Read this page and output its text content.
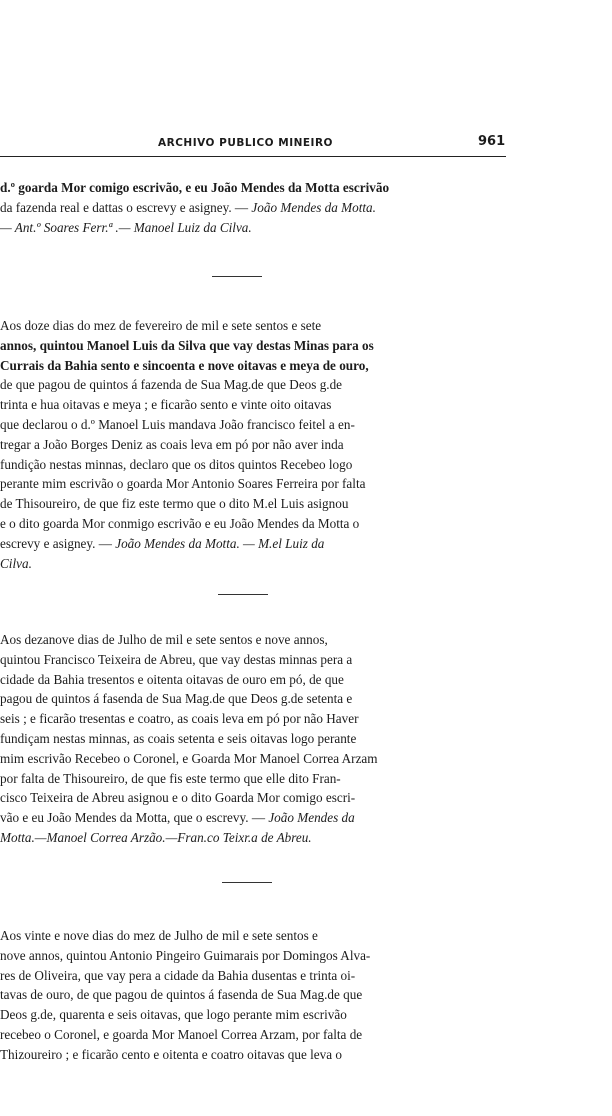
ARCHIVO PUBLICO MINEIRO	961
d.º goarda Mor comigo escrivão, e eu João Mendes da Motta escrivão
da fazenda real e dattas o escrevy e asigney. — João Mendes da Motta.
— Ant.º Soares Ferr.ª .— Manoel Luiz da Cilva.
Aos doze dias do mez de fevereiro de mil e sete sentos e sete
annos, quintou Manoel Luis da Silva que vay destas Minas para os
Currais da Bahia sento e sincoenta e nove oitavas e meya de ouro,
de que pagou de quintos á fazenda de Sua Mag.de que Deos g.de
trinta e hua oitavas e meya ; e ficarão sento e vinte oito oitavas
que declarou o d.º Manoel Luis mandava João francisco feitel a en-
tregar a João Borges Deniz as coais leva em pó por não aver inda
fundição nestas minnas, declaro que os ditos quintos Recebeo logo
perante mim escrivão o goarda Mor Antonio Soares Ferreira por falta
de Thisoureiro, de que fiz este termo que o dito M.el Luis asignou
e o dito goarda Mor conmigo escrivão e eu João Mendes da Motta o
escrevy e asigney. — João Mendes da Motta. — M.el Luiz da
Cilva.
Aos dezanove dias de Julho de mil e sete sentos e nove annos,
quintou Francisco Teixeira de Abreu, que vay destas minnas pera a
cidade da Bahia tresentos e oitenta oitavas de ouro em pó, de que
pagou de quintos á fasenda de Sua Mag.de que Deos g.de setenta e
seis ; e ficarão tresentas e coatro, as coais leva em pó por não Haver
fundiçam nestas minnas, as coais setenta e seis oitavas logo perante
mim escrivão Recebeo o Coronel, e Goarda Mor Manoel Correa Arzam
por falta de Thisoureiro, de que fis este termo que elle dito Fran-
cisco Teixeira de Abreu asignou e o dito Goarda Mor comigo escri-
vão e eu João Mendes da Motta, que o escrevy. — João Mendes da
Motta.—Manoel Correa Arzão.—Fran.co Teixr.a de Abreu.
Aos vinte e nove dias do mez de Julho de mil e sete sentos e
nove annos, quintou Antonio Pingeiro Guimarais por Domingos Alva-
res de Oliveira, que vay pera a cidade da Bahia dusentas e trinta oi-
tavas de ouro, de que pagou de quintos á fasenda de Sua Mag.de que
Deos g.de, quarenta e seis oitavas, que logo perante mim escrivão
recebeo o Coronel, e goarda Mor Manoel Correa Arzam, por falta de
Thizoureiro ; e ficarão cento e oitenta e coatro oitavas que leva o
